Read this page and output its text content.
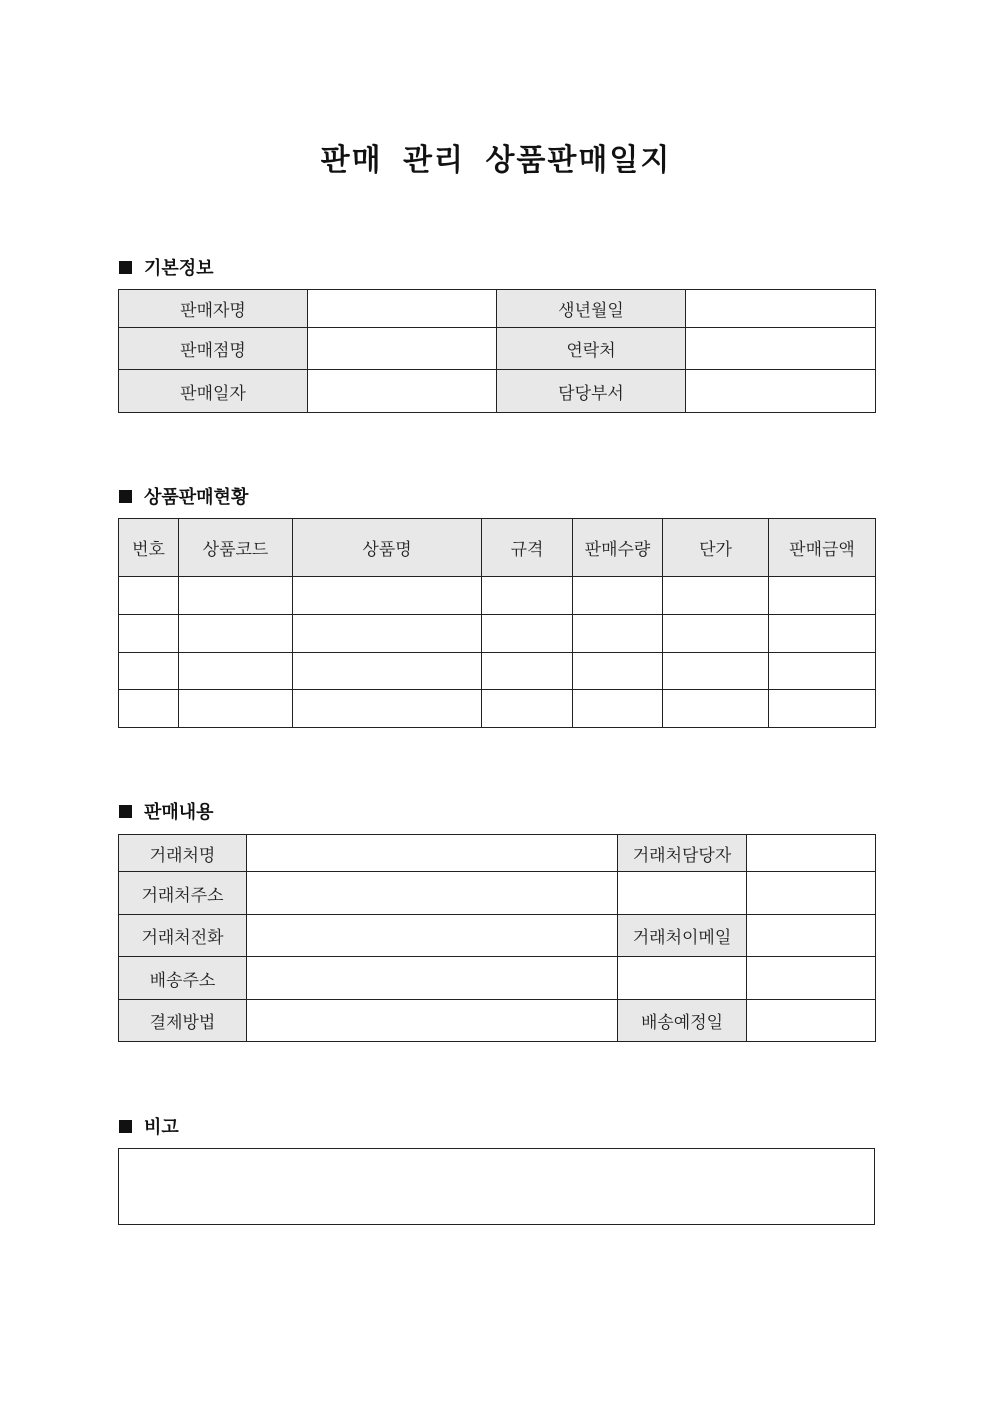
판매 관리 상품판매일지
기본정보
판매자명		생년월일	
판매점명		연락처	
판매일자		담당부서	
상품판매현황
번호	상품코드	상품명	규격	판매수량	단가	판매금액

판매내용
거래처명		거래처담당자	
거래처주소			
거래처전화		거래처이메일	
배송주소			
결제방법		배송예정일	
비고
